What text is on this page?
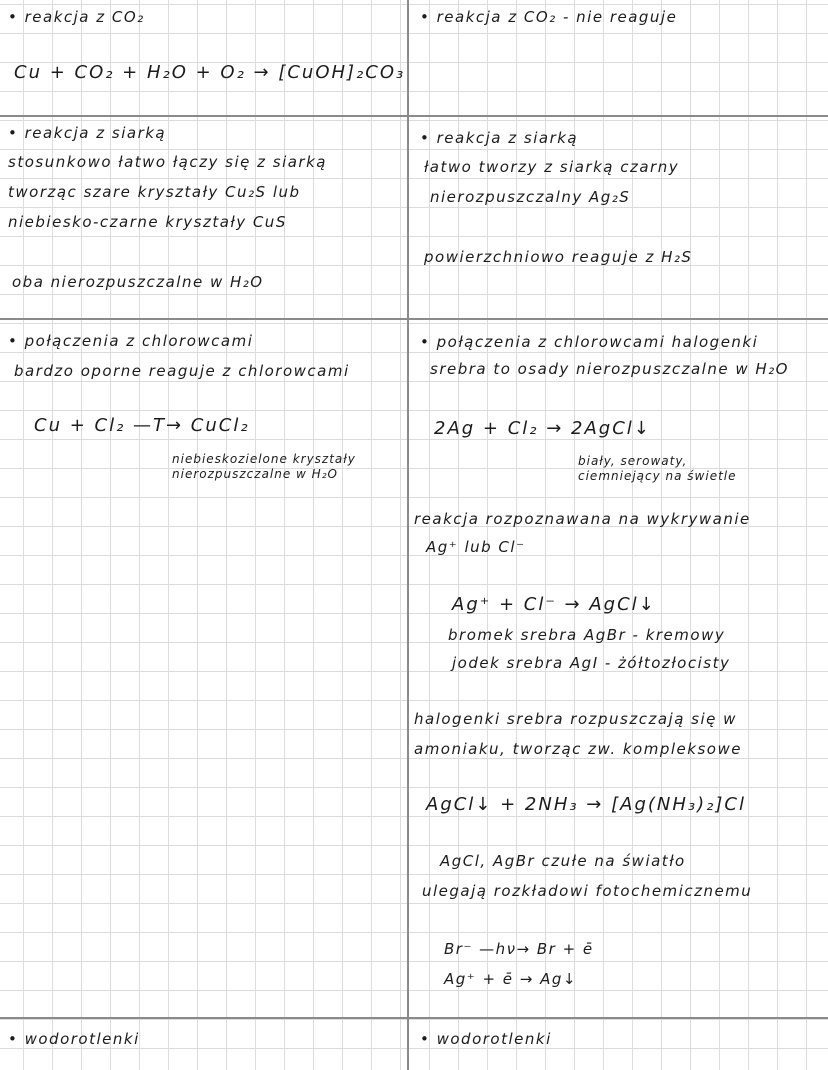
• reakcja z CO₂
Cu + CO₂ + H₂O + O₂ → [CuOH]₂CO₃
• reakcja z siarką
stosunkowo łatwo łączy się z siarką
tworząc szare kryształy Cu₂S lub
niebiesko-czarne kryształy CuS
oba nierozpuszczalne w H₂O
• połączenia z chlorowcami
bardzo oporne reaguje z chlorowcami
Cu + Cl₂ —T→ CuCl₂
niebieskozielone kryształy
nierozpuszczalne w H₂O
• wodorotlenki
• reakcja z CO₂ - nie reaguje
• reakcja z siarką
łatwo tworzy z siarką czarny
nierozpuszczalny Ag₂S
powierzchniowo reaguje z H₂S
• połączenia z chlorowcami halogenki
srebra to osady nierozpuszczalne w H₂O
2Ag + Cl₂ → 2AgCl↓
biały, serowaty,
ciemniejący na świetle
reakcja rozpoznawana na wykrywanie
Ag⁺ lub Cl⁻
Ag⁺ + Cl⁻ → AgCl↓
bromek srebra AgBr - kremowy
jodek srebra AgI - żółtozłocisty
halogenki srebra rozpuszczają się w
amoniaku, tworząc zw. kompleksowe
AgCl↓ + 2NH₃ → [Ag(NH₃)₂]Cl
AgCl, AgBr czułe na światło
ulegają rozkładowi fotochemicznemu
Br⁻ —hν→ Br + ē
Ag⁺ + ē → Ag↓
• wodorotlenki
